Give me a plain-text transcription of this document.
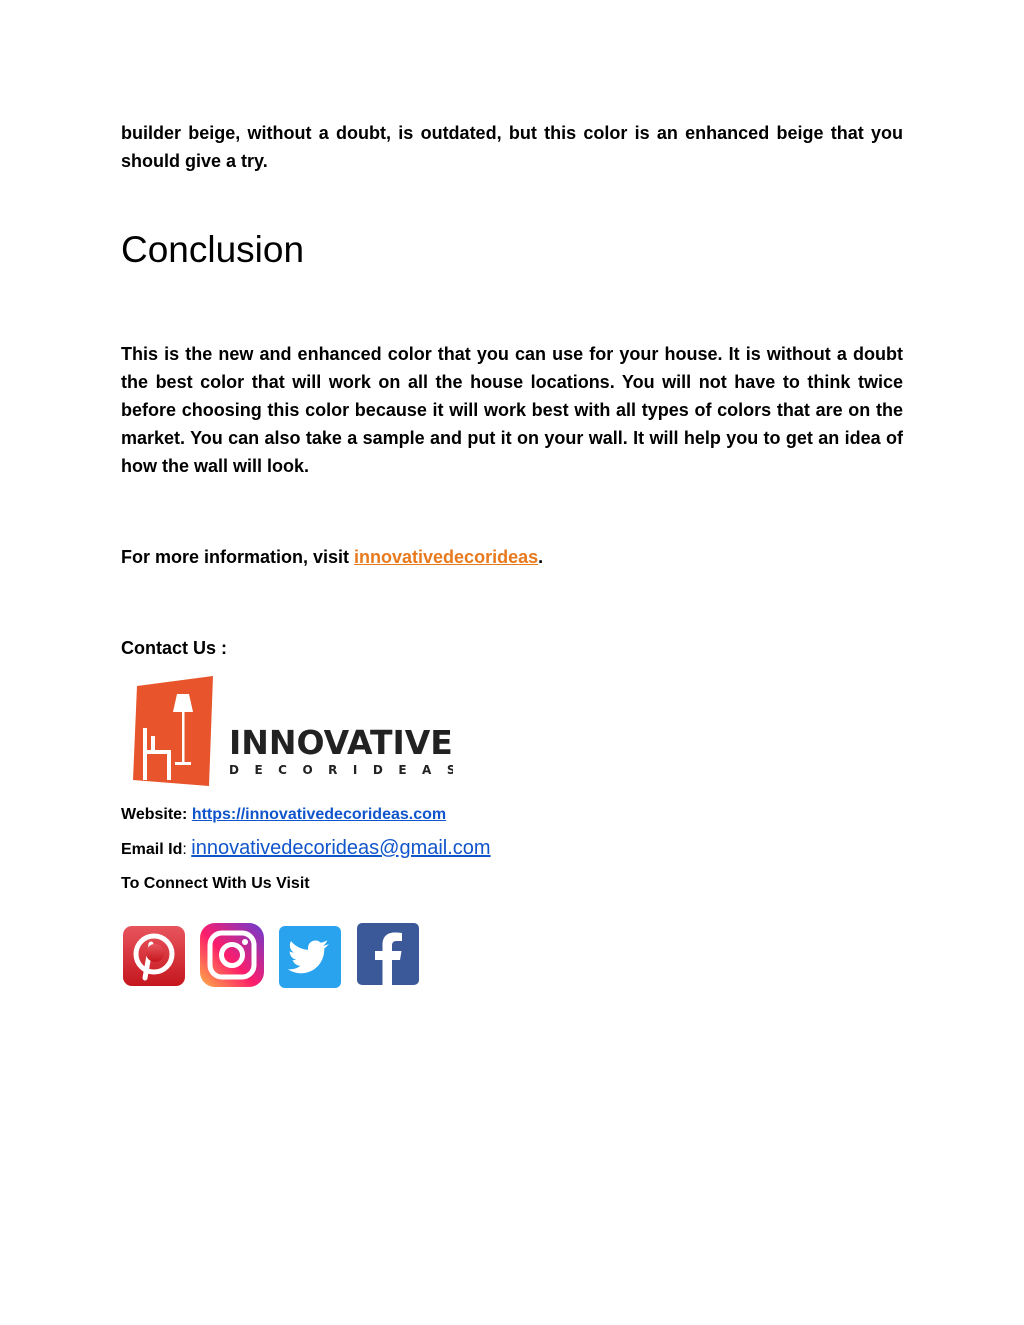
builder beige, without a doubt, is outdated, but this color is an enhanced beige that you should give a try.

Conclusion

This is the new and enhanced color that you can use for your house. It is without a doubt the best color that will work on all the house locations. You will not have to think twice before choosing this color because it will work best with all types of colors that are on the market. You can also take a sample and put it on your wall. It will help you to get an idea of how the wall will look.

For more information, visit innovativedecorideas.

Contact Us :

INNOVATIVE
DECORIDEAS

Website: https://innovativedecorideas.com

Email Id: innovativedecorideas@gmail.com

To Connect With Us Visit
